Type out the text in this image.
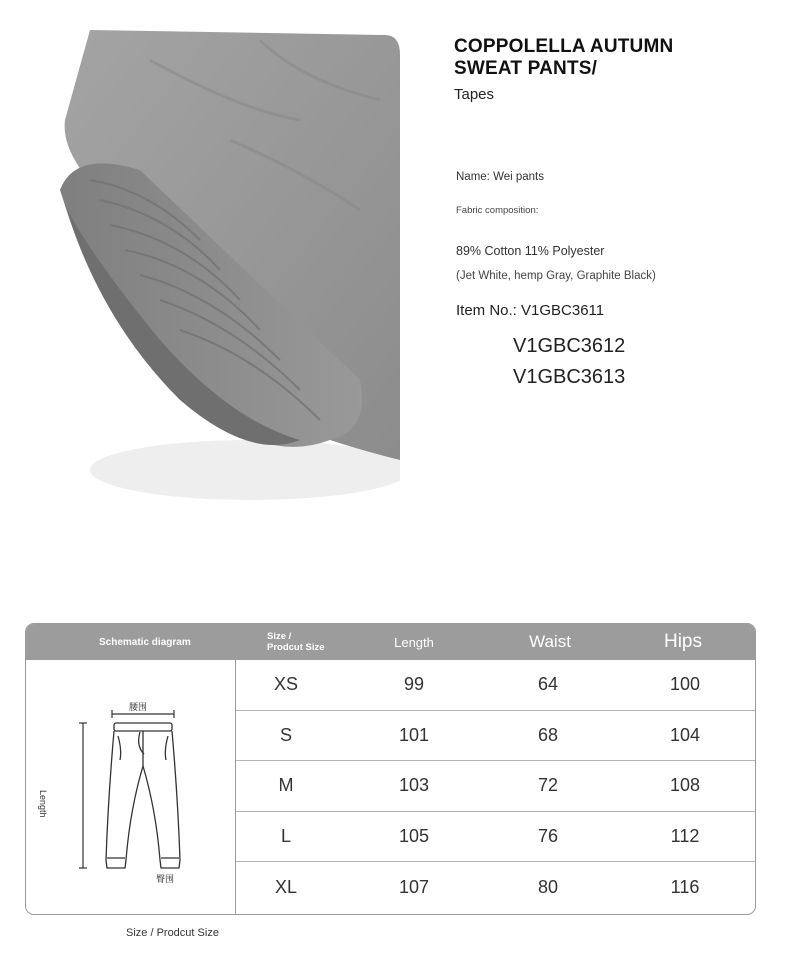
COPPOLELLA AUTUMN
SWEAT PANTS/
Tapes
Name: Wei pants
Fabric composition:
89% Cotton 11% Polyester
(Jet White, hemp Gray, Graphite Black)
Item No.: V1GBC3611
V1GBC3612
V1GBC3613
Schematic diagram	Size / Prodcut Size	Length	Waist	Hips
腰围
Length
臀围
XS	99	64	100
S	101	68	104
M	103	72	108
L	105	76	112
XL	107	80	116
Size / Prodcut Size
